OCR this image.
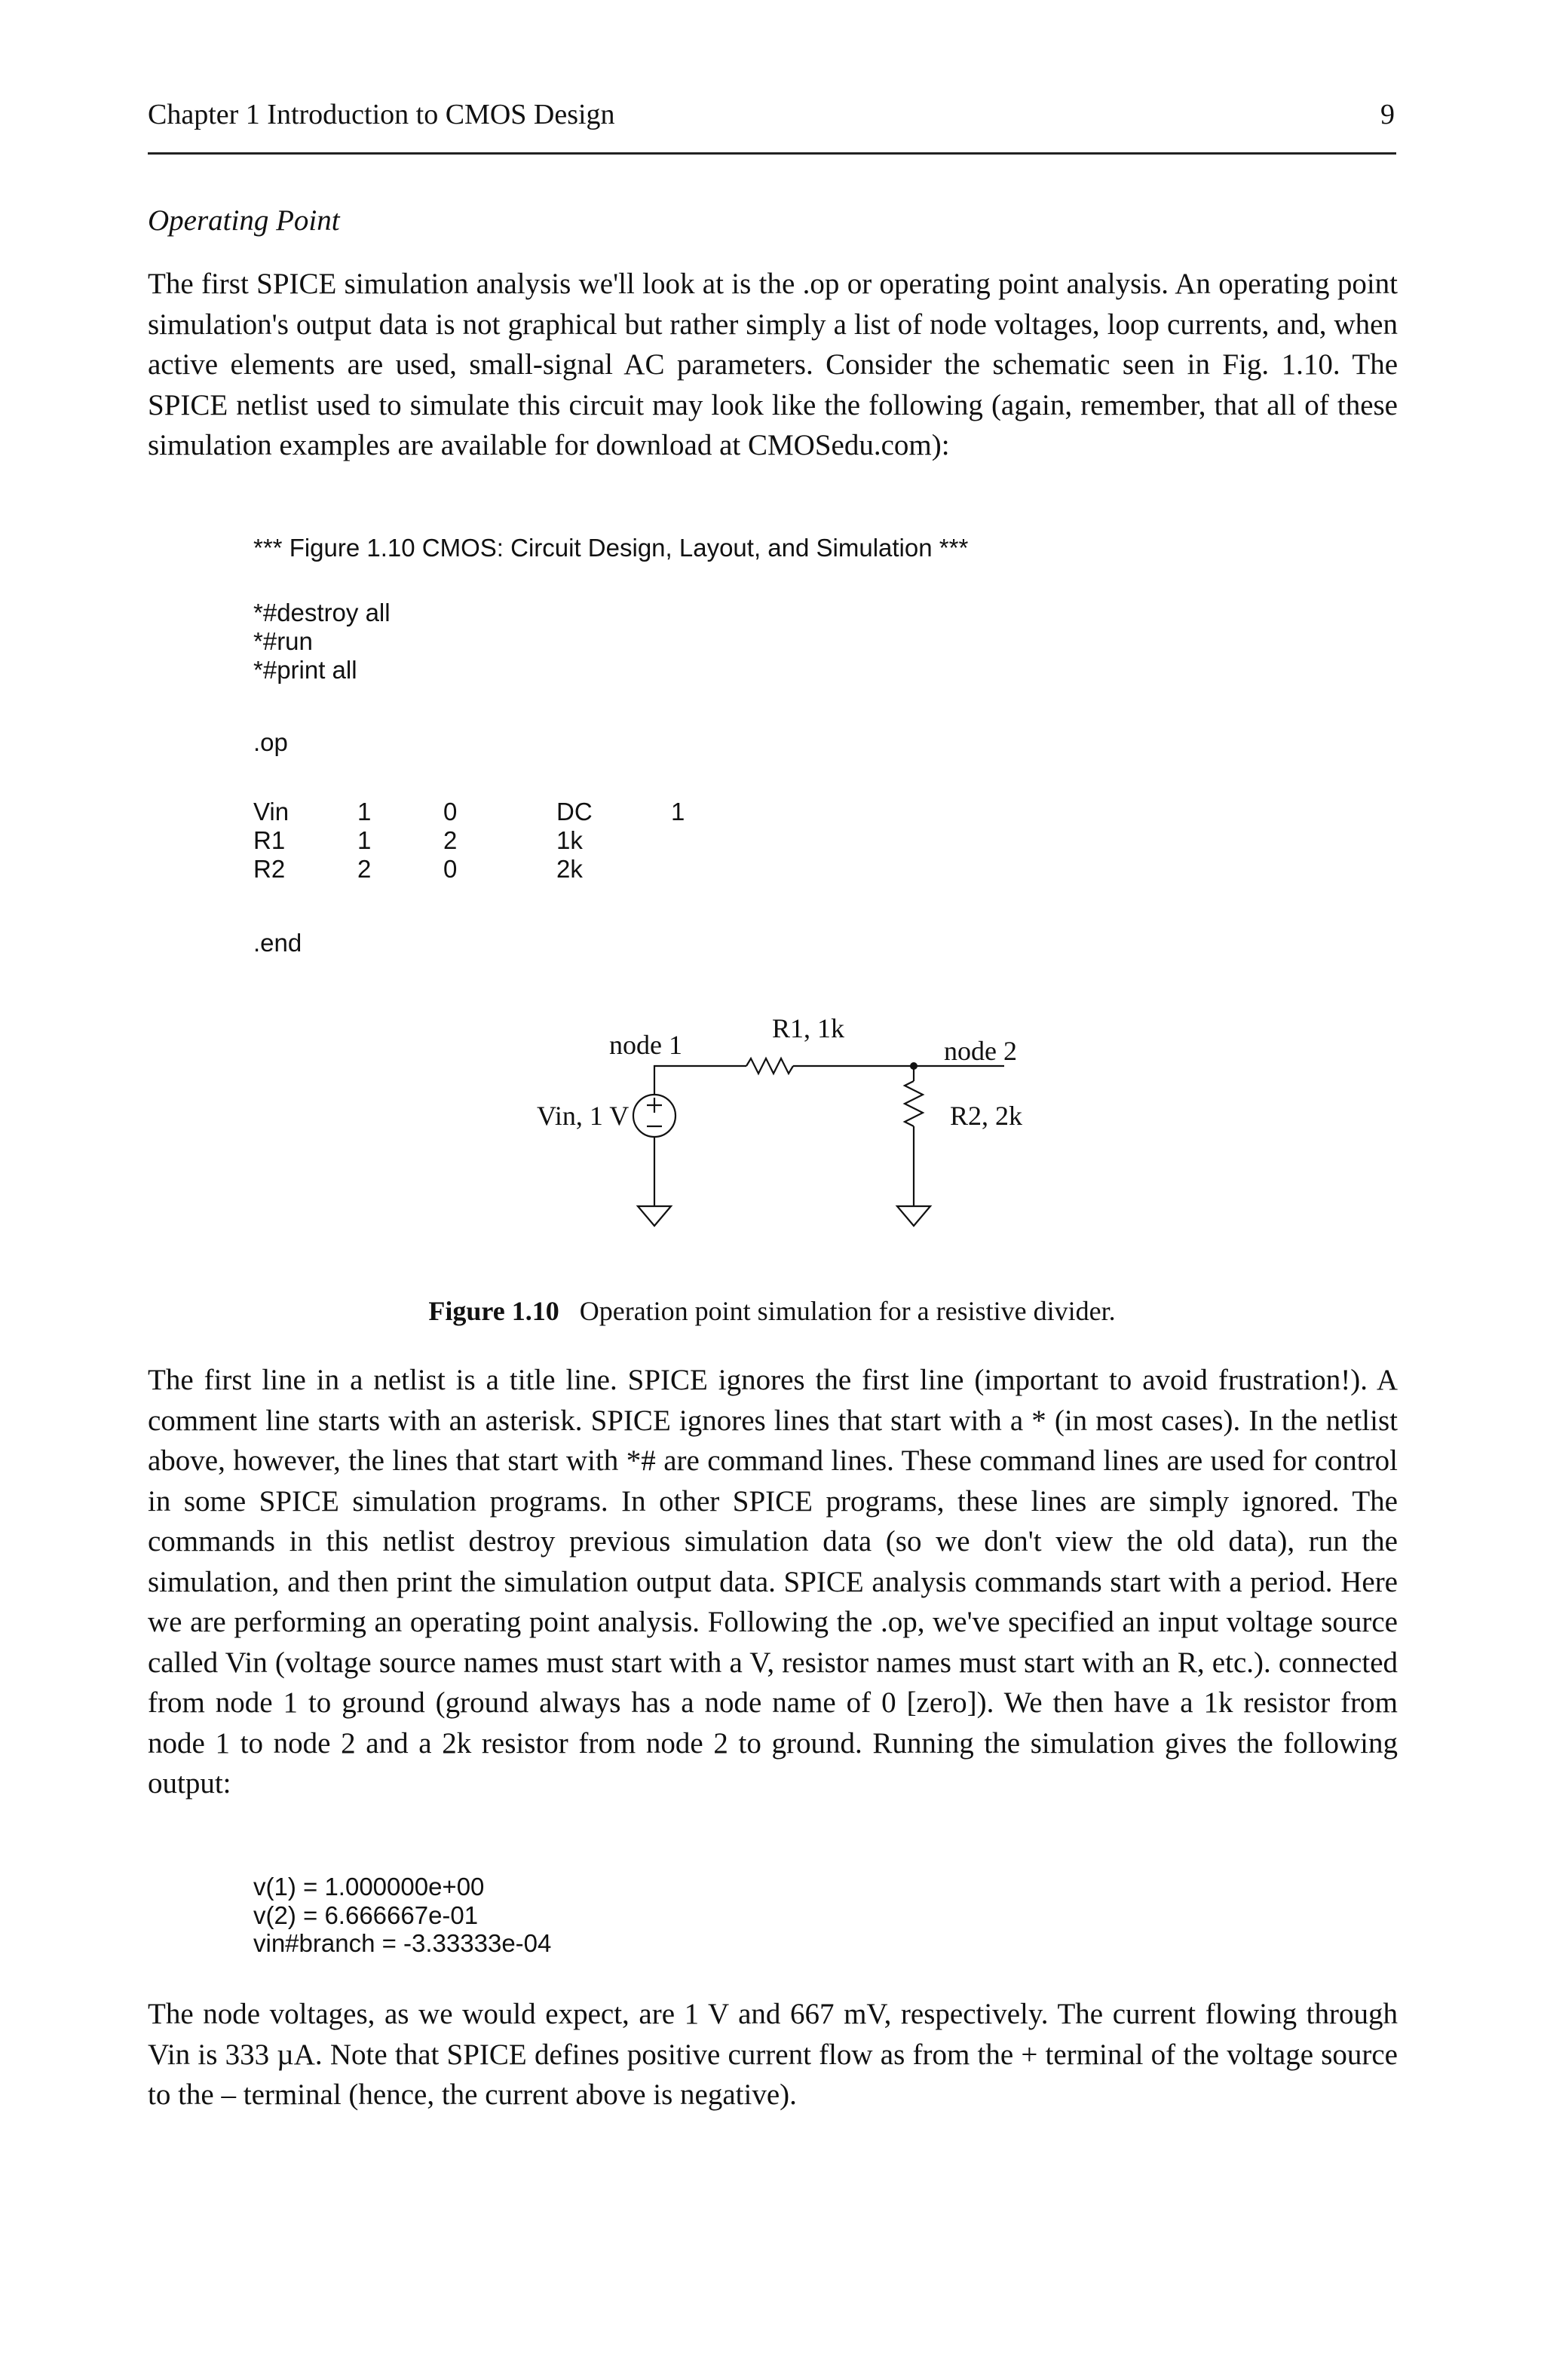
Chapter 1 Introduction to CMOS Design	9
Operating Point

The first SPICE simulation analysis we'll look at is the .op or operating point analysis. An operating point simulation's output data is not graphical but rather simply a list of node voltages, loop currents, and, when active elements are used, small-signal AC parameters. Consider the schematic seen in Fig. 1.10. The SPICE netlist used to simulate this circuit may look like the following (again, remember, that all of these simulation examples are available for download at CMOSedu.com):

*** Figure 1.10 CMOS: Circuit Design, Layout, and Simulation ***
*#destroy all
*#run
*#print all
.op
Vin	1	0	DC	1
R1	1	2	1k
R2	2	0	2k
.end
node 1
R1, 1k
node 2
Vin, 1 V	R2, 2k
Figure 1.10 Operation point simulation for a resistive divider.

The first line in a netlist is a title line. SPICE ignores the first line (important to avoid frustration!). A comment line starts with an asterisk. SPICE ignores lines that start with a * (in most cases). In the netlist above, however, the lines that start with *# are command lines. These command lines are used for control in some SPICE simulation programs. In other SPICE programs, these lines are simply ignored. The commands in this netlist destroy previous simulation data (so we don't view the old data), run the simulation, and then print the simulation output data. SPICE analysis commands start with a period. Here we are performing an operating point analysis. Following the .op, we've specified an input voltage source called Vin (voltage source names must start with a V, resistor names must start with an R, etc.). connected from node 1 to ground (ground always has a node name of 0 [zero]). We then have a 1k resistor from node 1 to node 2 and a 2k resistor from node 2 to ground. Running the simulation gives the following output:

v(1) = 1.000000e+00
v(2) = 6.666667e-01
vin#branch = -3.33333e-04

The node voltages, as we would expect, are 1 V and 667 mV, respectively. The current flowing through Vin is 333 µA. Note that SPICE defines positive current flow as from the + terminal of the voltage source to the – terminal (hence, the current above is negative).
